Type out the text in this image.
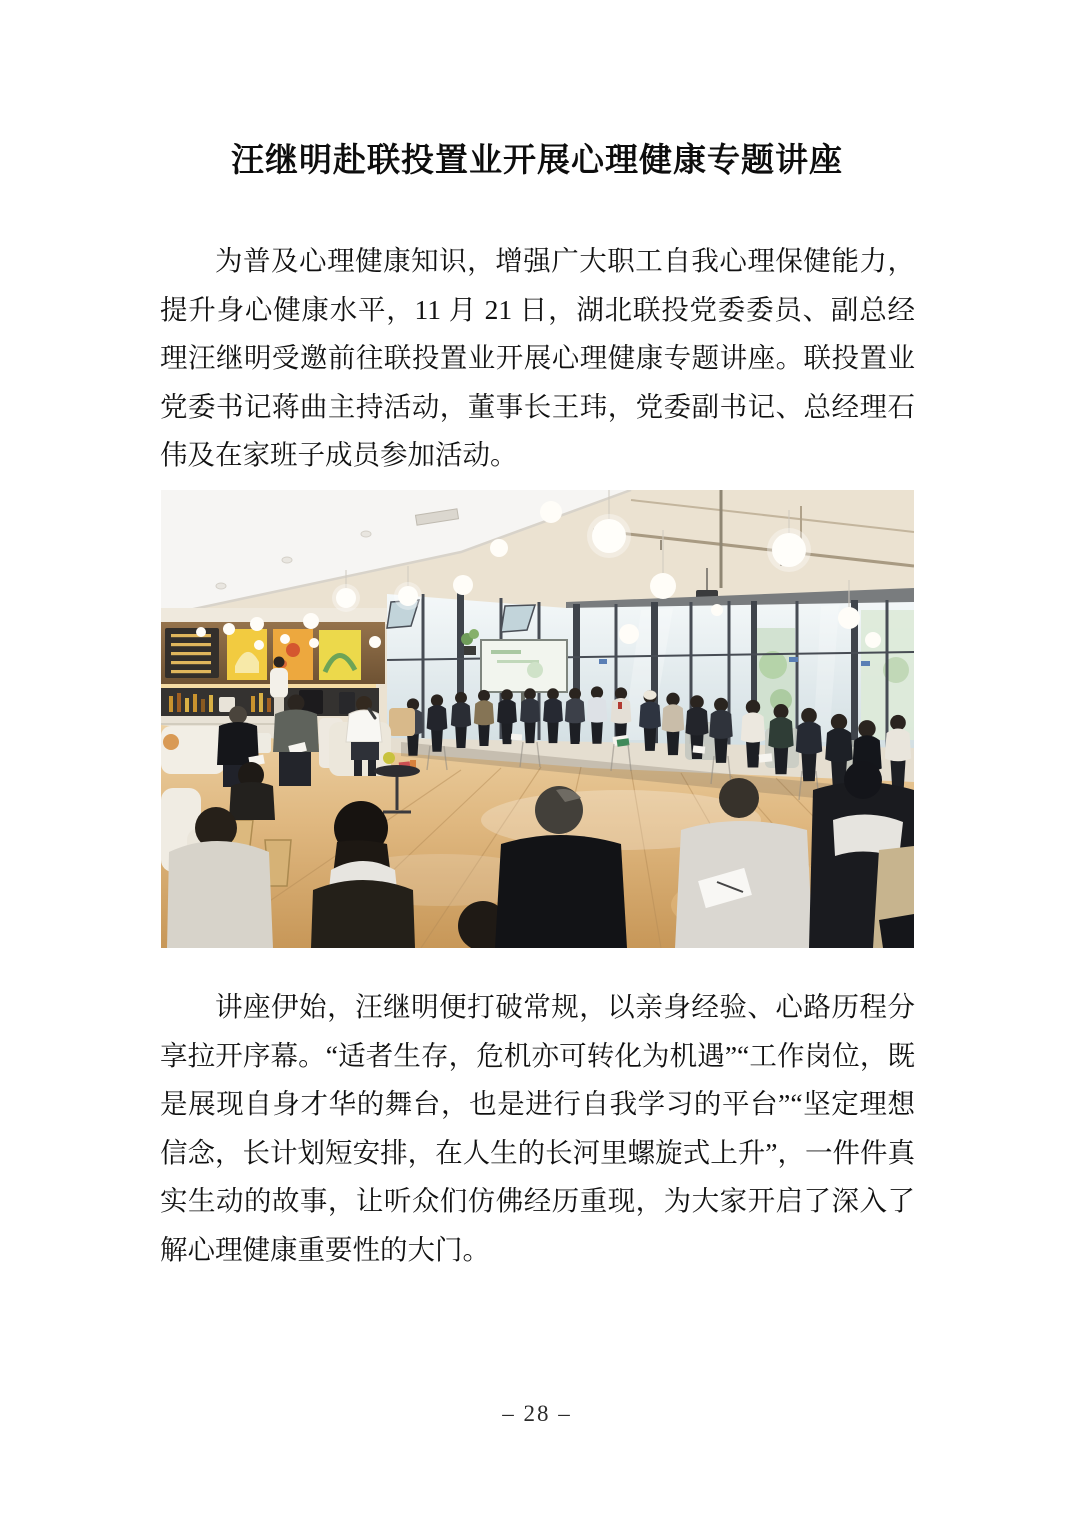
汪继明赴联投置业开展心理健康专题讲座

为普及心理健康知识，增强广大职工自我心理保健能力，提升身心健康水平，11 月 21 日，湖北联投党委委员、副总经理汪继明受邀前往联投置业开展心理健康专题讲座。联投置业党委书记蒋曲主持活动，董事长王玮，党委副书记、总经理石伟及在家班子成员参加活动。

讲座伊始，汪继明便打破常规，以亲身经验、心路历程分享拉开序幕。“适者生存，危机亦可转化为机遇”“工作岗位，既是展现自身才华的舞台，也是进行自我学习的平台”“坚定理想信念，长计划短安排，在人生的长河里螺旋式上升”，一件件真实生动的故事，让听众们仿佛经历重现，为大家开启了深入了解心理健康重要性的大门。

– 28 –
